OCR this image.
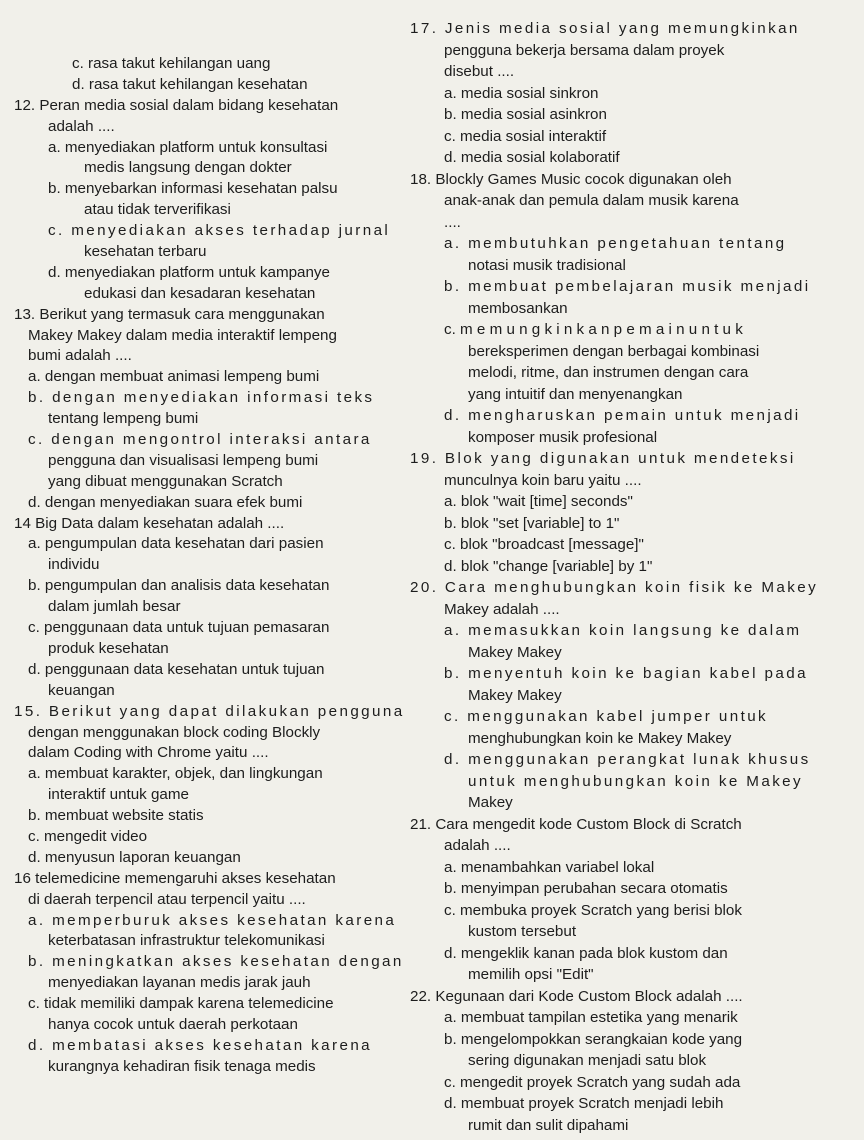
c. rasa takut kehilangan uang
d. rasa takut kehilangan kesehatan
12. Peran media sosial dalam bidang kesehatan
adalah ....
a. menyediakan platform untuk konsultasi
medis langsung dengan dokter
b. menyebarkan informasi kesehatan palsu
atau tidak terverifikasi
c. menyediakan akses terhadap jurnal
kesehatan terbaru
d. menyediakan platform untuk kampanye
edukasi dan kesadaran kesehatan
13. Berikut yang termasuk cara menggunakan
Makey Makey dalam media interaktif lempeng
bumi adalah ....
a. dengan membuat animasi lempeng bumi
b. dengan menyediakan informasi teks
tentang lempeng bumi
c. dengan mengontrol interaksi antara
pengguna dan visualisasi lempeng bumi
yang dibuat menggunakan Scratch
d. dengan menyediakan suara efek bumi
14 Big Data dalam kesehatan adalah ....
a. pengumpulan data kesehatan dari pasien
individu
b. pengumpulan dan analisis data kesehatan
dalam jumlah besar
c. penggunaan data untuk tujuan pemasaran
produk kesehatan
d. penggunaan data kesehatan untuk tujuan
keuangan
15. Berikut yang dapat dilakukan pengguna
dengan menggunakan block coding Blockly
dalam Coding with Chrome yaitu ....
a. membuat karakter, objek, dan lingkungan
interaktif untuk game
b. membuat website statis
c. mengedit video
d. menyusun laporan keuangan
16 telemedicine memengaruhi akses kesehatan
di daerah terpencil atau terpencil yaitu ....
a. memperburuk akses kesehatan karena
keterbatasan infrastruktur telekomunikasi
b. meningkatkan akses kesehatan dengan
menyediakan layanan medis jarak jauh
c. tidak memiliki dampak karena telemedicine
hanya cocok untuk daerah perkotaan
d. membatasi akses kesehatan karena
kurangnya kehadiran fisik tenaga medis
17. Jenis media sosial yang memungkinkan
pengguna bekerja bersama dalam proyek
disebut ....
a. media sosial sinkron
b. media sosial asinkron
c. media sosial interaktif
d. media sosial kolaboratif
18. Blockly Games Music cocok digunakan oleh
anak-anak dan pemula dalam musik karena
....
a. membutuhkan pengetahuan tentang
notasi musik tradisional
b. membuat pembelajaran musik menjadi
membosankan
c. m e m u n g k i n k a n p e m a i n u n t u k
bereksperimen dengan berbagai kombinasi
melodi, ritme, dan instrumen dengan cara
yang intuitif dan menyenangkan
d. mengharuskan pemain untuk menjadi
komposer musik profesional
19. Blok yang digunakan untuk mendeteksi
munculnya koin baru yaitu ....
a. blok "wait [time] seconds"
b. blok "set [variable] to 1"
c. blok "broadcast [message]"
d. blok "change [variable] by 1"
20. Cara menghubungkan koin fisik ke Makey
Makey adalah ....
a. memasukkan koin langsung ke dalam
Makey Makey
b. menyentuh koin ke bagian kabel pada
Makey Makey
c. menggunakan kabel jumper untuk
menghubungkan koin ke Makey Makey
d. menggunakan perangkat lunak khusus
untuk menghubungkan koin ke Makey
Makey
21. Cara mengedit kode Custom Block di Scratch
adalah ....
a. menambahkan variabel lokal
b. menyimpan perubahan secara otomatis
c. membuka proyek Scratch yang berisi blok
kustom tersebut
d. mengeklik kanan pada blok kustom dan
memilih opsi "Edit"
22. Kegunaan dari Kode Custom Block adalah ....
a. membuat tampilan estetika yang menarik
b. mengelompokkan serangkaian kode yang
sering digunakan menjadi satu blok
c. mengedit proyek Scratch yang sudah ada
d. membuat proyek Scratch menjadi lebih
rumit dan sulit dipahami
